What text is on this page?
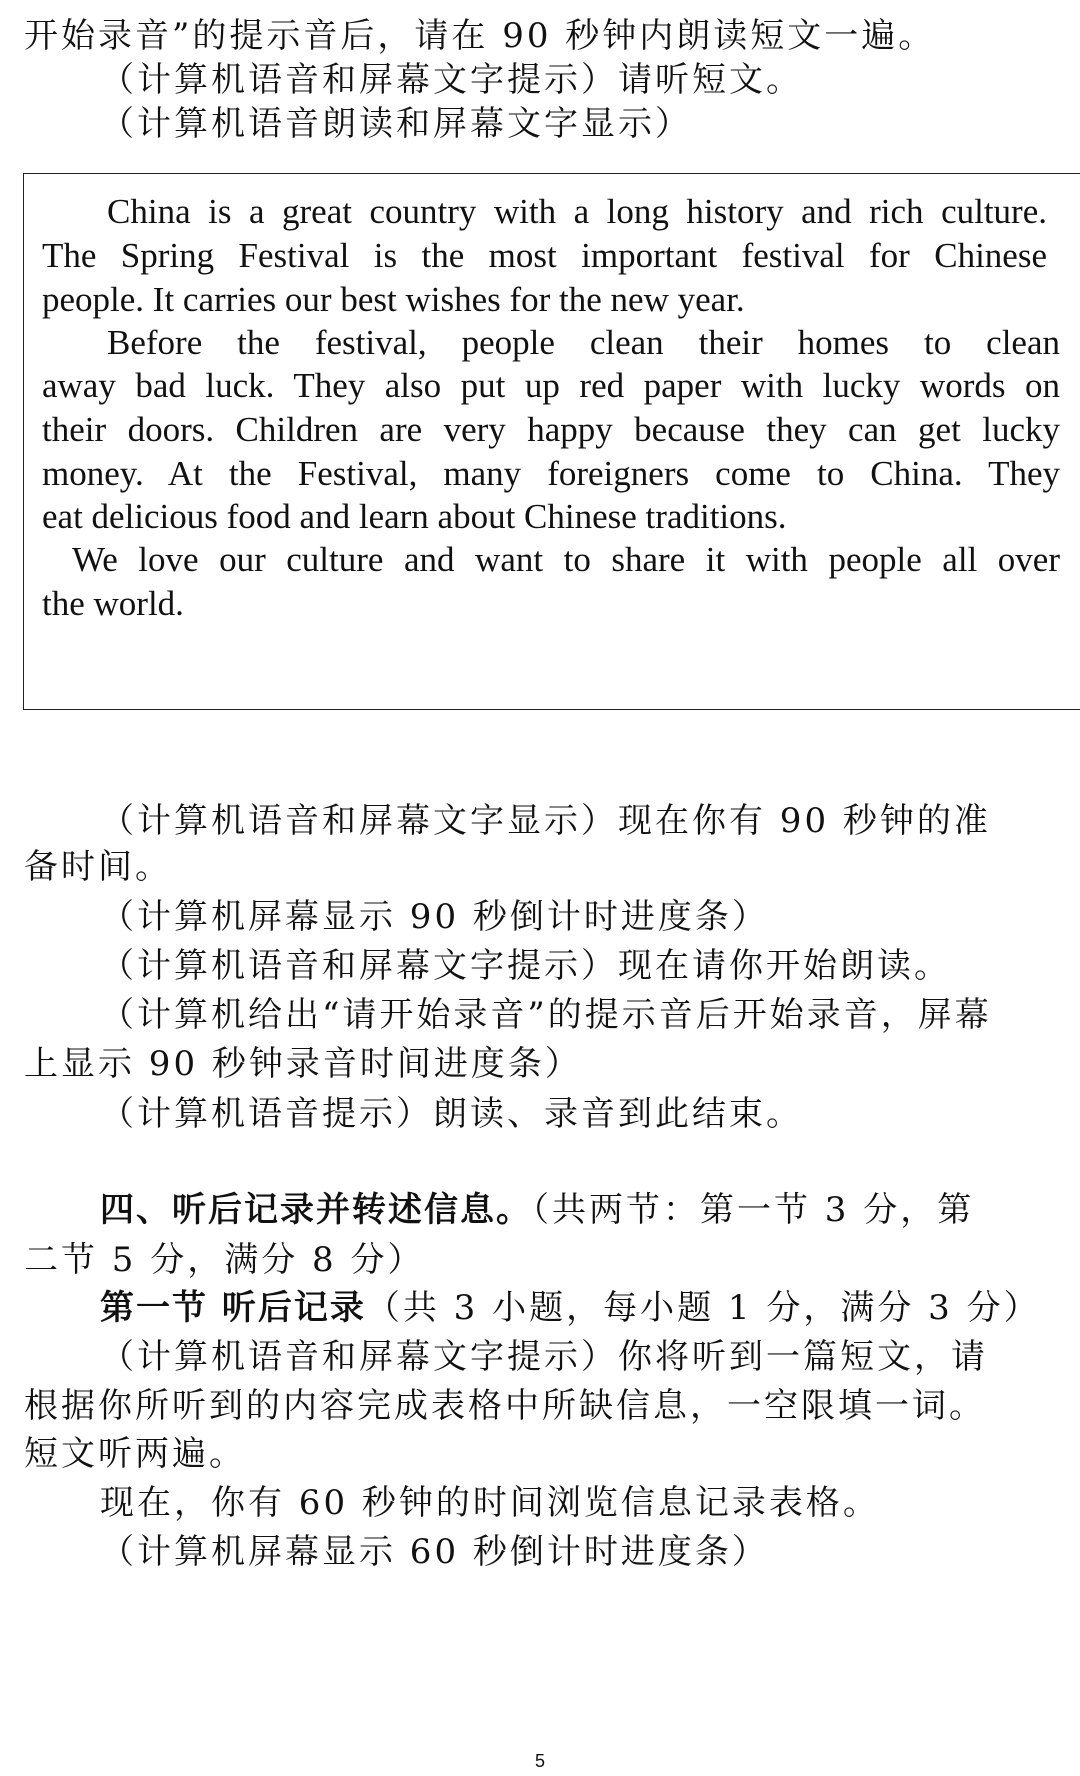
开始录音”的提示音后，请在 90 秒钟内朗读短文一遍。
（计算机语音和屏幕文字提示）请听短文。
（计算机语音朗读和屏幕文字显示）
China is a great country with a long history and rich culture.
The Spring Festival is the most important festival for Chinese
people. It carries our best wishes for the new year.
Before the festival, people clean their homes to clean
away bad luck. They also put up red paper with lucky words on
their doors. Children are very happy because they can get lucky
money. At the Festival, many foreigners come to China. They
eat delicious food and learn about Chinese traditions.
We love our culture and want to share it with people all over
the world.
（计算机语音和屏幕文字显示）现在你有 90 秒钟的准
备时间。
（计算机屏幕显示 90 秒倒计时进度条）
（计算机语音和屏幕文字提示）现在请你开始朗读。
（计算机给出“请开始录音”的提示音后开始录音，屏幕
上显示 90 秒钟录音时间进度条）
（计算机语音提示）朗读、录音到此结束。
四、听后记录并转述信息。（共两节：第一节 3 分，第
二节 5 分，满分 8 分）
第一节 听后记录（共 3 小题，每小题 1 分，满分 3 分）
（计算机语音和屏幕文字提示）你将听到一篇短文，请
根据你所听到的内容完成表格中所缺信息，一空限填一词。
短文听两遍。
现在，你有 60 秒钟的时间浏览信息记录表格。
（计算机屏幕显示 60 秒倒计时进度条）
5
